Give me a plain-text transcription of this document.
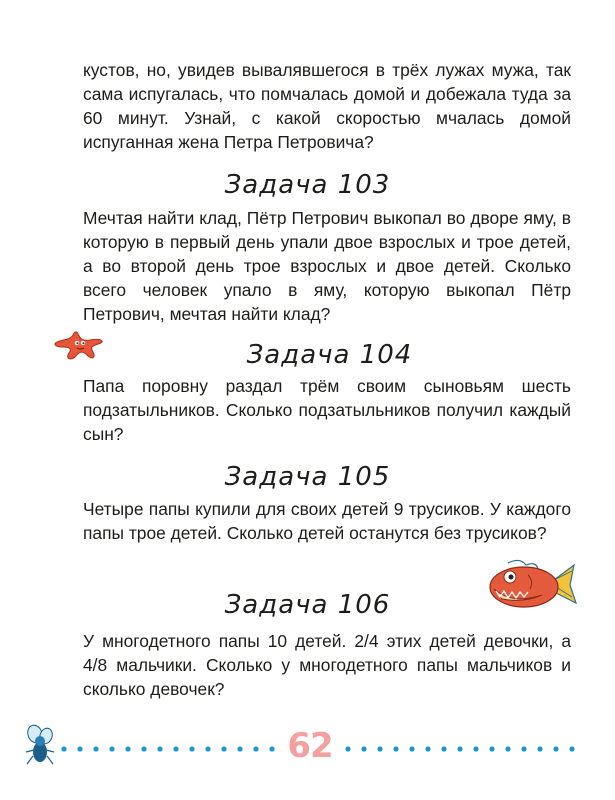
кустов, но, увидев вывалявшегося в трёх лужах мужа, так сама испугалась, что помчалась домой и добежала туда за 60 минут. Узнай, с какой скоростью мчалась домой испуганная жена Петра Петровича?

Задача 103

Мечтая найти клад, Пётр Петрович выкопал во дворе яму, в которую в первый день упали двое взрослых и трое детей, а во второй день трое взрослых и двое детей. Сколько всего человек упало в яму, которую выкопал Пётр Петрович, мечтая найти клад?

Задача 104

Папа поровну раздал трём своим сыновьям шесть подзатыльников. Сколько подзатыльников получил каждый сын?

Задача 105

Четыре папы купили для своих детей 9 трусиков. У каждого папы трое детей. Сколько детей останутся без трусиков?

Задача 106

У многодетного папы 10 детей. 2/4 этих детей девочки, а 4/8 мальчики. Сколько у многодетного папы мальчиков и сколько девочек?

62
